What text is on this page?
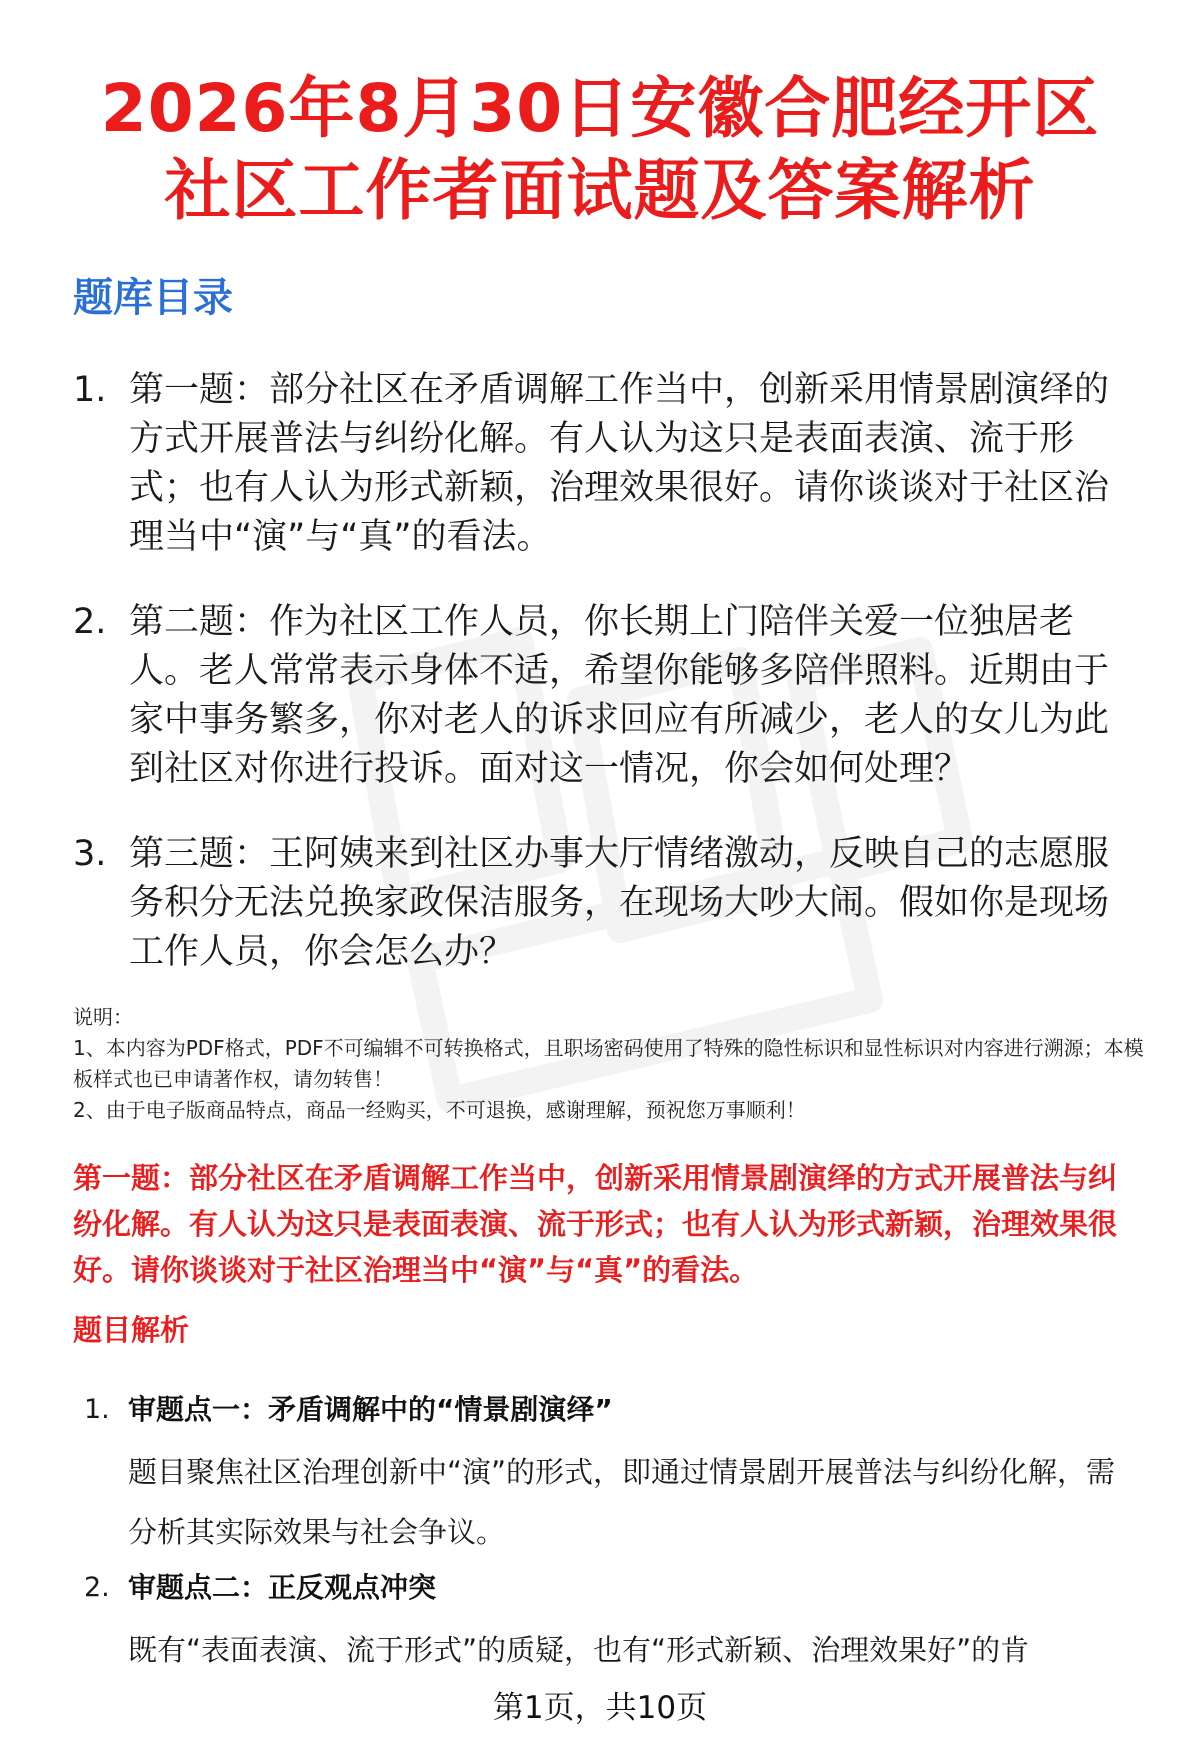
2026年8月30日安徽合肥经开区社区工作者面试题及答案解析
题库目录
1. 第一题：部分社区在矛盾调解工作当中，创新采用情景剧演绎的方式开展普法与纠纷化解。有人认为这只是表面表演、流于形式；也有人认为形式新颖，治理效果很好。请你谈谈对于社区治理当中“演”与“真”的看法。
2. 第二题：作为社区工作人员，你长期上门陪伴关爱一位独居老人。老人常常表示身体不适，希望你能够多陪伴照料。近期由于家中事务繁多，你对老人的诉求回应有所减少，老人的女儿为此到社区对你进行投诉。面对这一情况，你会如何处理？
3. 第三题：王阿姨来到社区办事大厅情绪激动，反映自己的志愿服务积分无法兑换家政保洁服务，在现场大吵大闹。假如你是现场工作人员，你会怎么办？
说明：
1、本内容为PDF格式，PDF不可编辑不可转换格式，且职场密码使用了特殊的隐性标识和显性标识对内容进行溯源；本模板样式也已申请著作权，请勿转售！
2、由于电子版商品特点，商品一经购买，不可退换，感谢理解，预祝您万事顺利！
第一题：部分社区在矛盾调解工作当中，创新采用情景剧演绎的方式开展普法与纠纷化解。有人认为这只是表面表演、流于形式；也有人认为形式新颖，治理效果很好。请你谈谈对于社区治理当中“演”与“真”的看法。
题目解析
1. 审题点一：矛盾调解中的“情景剧演绎”
题目聚焦社区治理创新中“演”的形式，即通过情景剧开展普法与纠纷化解，需分析其实际效果与社会争议。
2. 审题点二：正反观点冲突
既有“表面表演、流于形式”的质疑，也有“形式新颖、治理效果好”的肯
第1页，共10页
